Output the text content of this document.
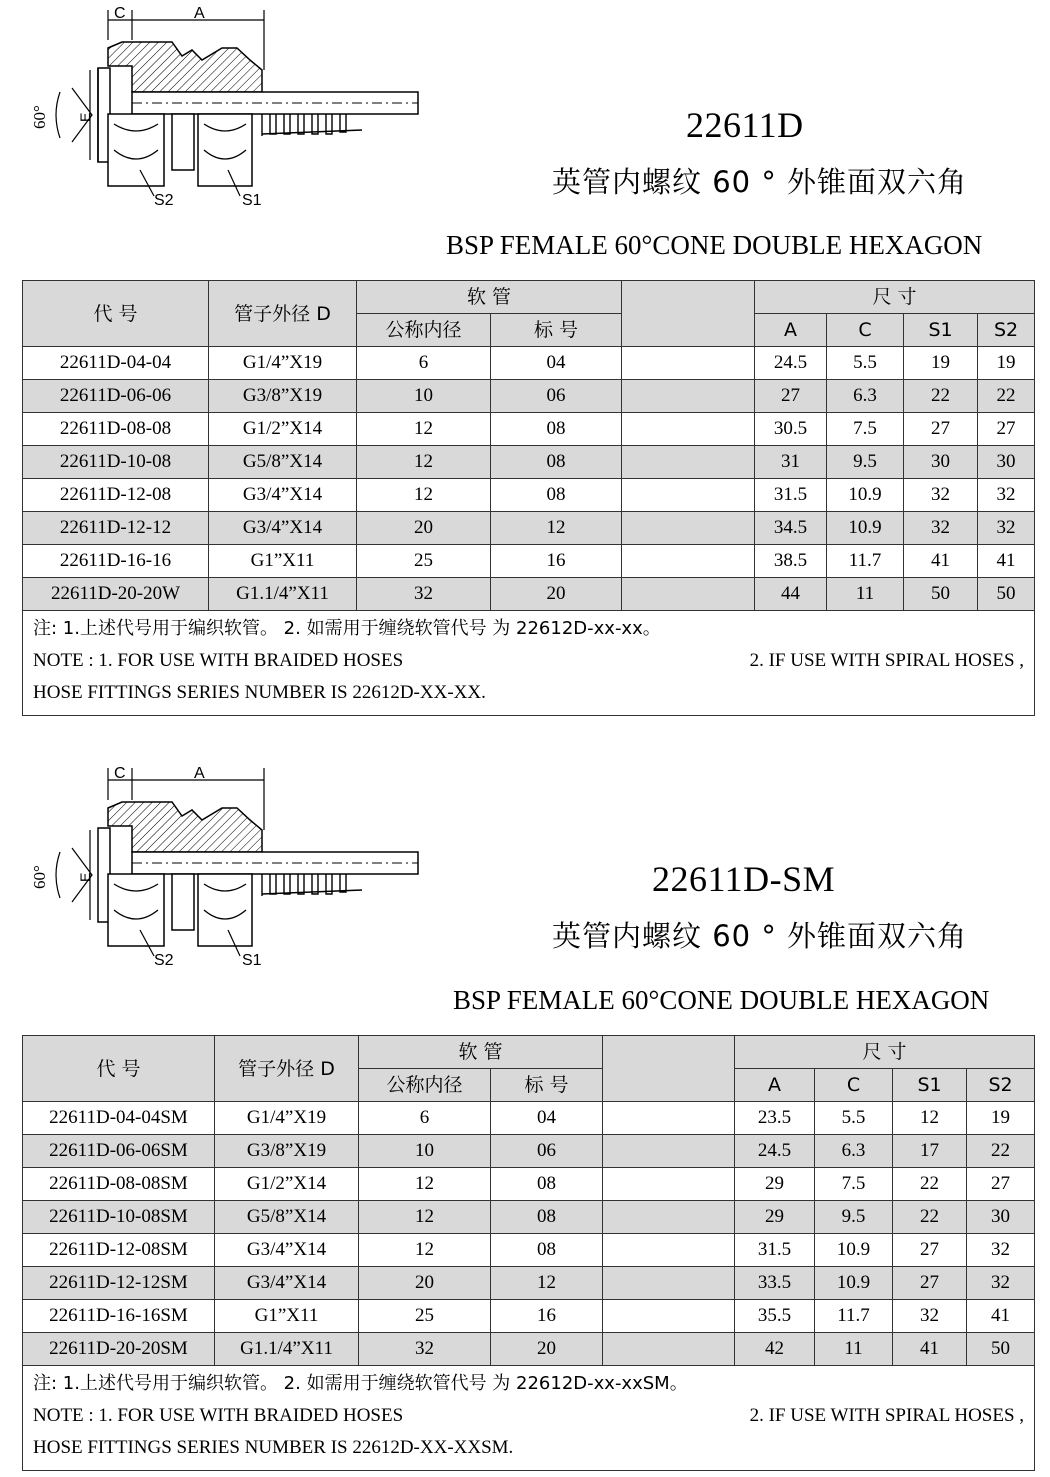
C	A
E
60°
S2	S1
22611D
英管内螺纹 60 ° 外锥面双六角
BSP FEMALE 60°CONE DOUBLE HEXAGON
代 号	管子外径 D	软 管			尺 寸			
		公称内径	标 号		A	C	S1	S2
22611D-04-04	G1/4”X19	6	04		24.5	5.5	19	19
22611D-06-06	G3/8”X19	10	06		27	6.3	22	22
22611D-08-08	G1/2”X14	12	08		30.5	7.5	27	27
22611D-10-08	G5/8”X14	12	08		31	9.5	30	30
22611D-12-08	G3/4”X14	12	08		31.5	10.9	32	32
22611D-12-12	G3/4”X14	20	12		34.5	10.9	32	32
22611D-16-16	G1”X11	25	16		38.5	11.7	41	41
22611D-20-20W	G1.1/4”X11	32	20		44	11	50	50

注: 1.上述代号用于编织软管。 2. 如需用于缠绕软管代号 为 22612D-xx-xx。
NOTE : 1. FOR USE WITH BRAIDED HOSES 2. IF USE WITH SPIRAL HOSES ,
HOSE FITTINGS SERIES NUMBER IS 22612D-XX-XX.								
C	A
E
60°
S2	S1
22611D-SM
英管内螺纹 60 ° 外锥面双六角
BSP FEMALE 60°CONE DOUBLE HEXAGON
代 号	管子外径 D	软 管			尺 寸			
		公称内径	标 号		A	C	S1	S2
22611D-04-04SM	G1/4”X19	6	04		23.5	5.5	12	19
22611D-06-06SM	G3/8”X19	10	06		24.5	6.3	17	22
22611D-08-08SM	G1/2”X14	12	08		29	7.5	22	27
22611D-10-08SM	G5/8”X14	12	08		29	9.5	22	30
22611D-12-08SM	G3/4”X14	12	08		31.5	10.9	27	32
22611D-12-12SM	G3/4”X14	20	12		33.5	10.9	27	32
22611D-16-16SM	G1”X11	25	16		35.5	11.7	32	41
22611D-20-20SM	G1.1/4”X11	32	20		42	11	41	50

注: 1.上述代号用于编织软管。 2. 如需用于缠绕软管代号 为 22612D-xx-xxSM。
NOTE : 1. FOR USE WITH BRAIDED HOSES 2. IF USE WITH SPIRAL HOSES ,
HOSE FITTINGS SERIES NUMBER IS 22612D-XX-XXSM.								
